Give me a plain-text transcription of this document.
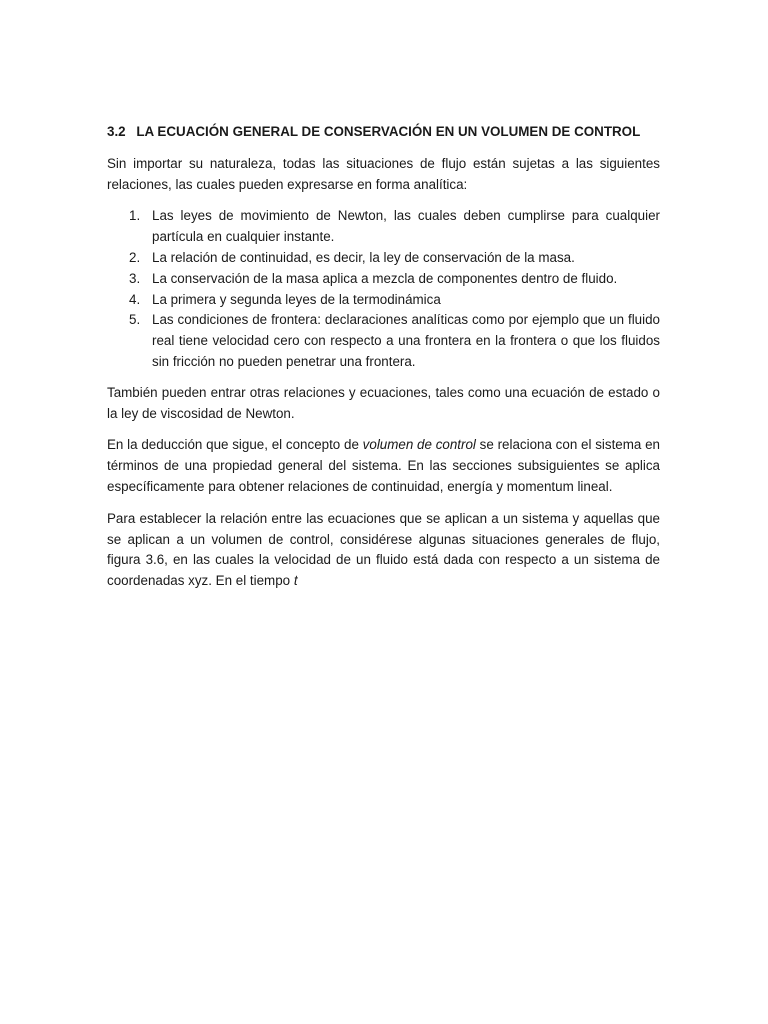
3.2 LA ECUACIÓN GENERAL DE CONSERVACIÓN EN UN VOLUMEN DE CONTROL

Sin importar su naturaleza, todas las situaciones de flujo están sujetas a las siguientes relaciones, las cuales pueden expresarse en forma analítica:

1. Las leyes de movimiento de Newton, las cuales deben cumplirse para cualquier partícula en cualquier instante.
2. La relación de continuidad, es decir, la ley de conservación de la masa.
3. La conservación de la masa aplica a mezcla de componentes dentro de fluido.
4. La primera y segunda leyes de la termodinámica
5. Las condiciones de frontera: declaraciones analíticas como por ejemplo que un fluido real tiene velocidad cero con respecto a una frontera en la frontera o que los fluidos sin fricción no pueden penetrar una frontera.

También pueden entrar otras relaciones y ecuaciones, tales como una ecuación de estado o la ley de viscosidad de Newton.

En la deducción que sigue, el concepto de volumen de control se relaciona con el sistema en términos de una propiedad general del sistema. En las secciones subsiguientes se aplica específicamente para obtener relaciones de continuidad, energía y momentum lineal.

Para establecer la relación entre las ecuaciones que se aplican a un sistema y aquellas que se aplican a un volumen de control, considérese algunas situaciones generales de flujo, figura 3.6, en las cuales la velocidad de un fluido está dada con respecto a un sistema de coordenadas xyz. En el tiempo t
